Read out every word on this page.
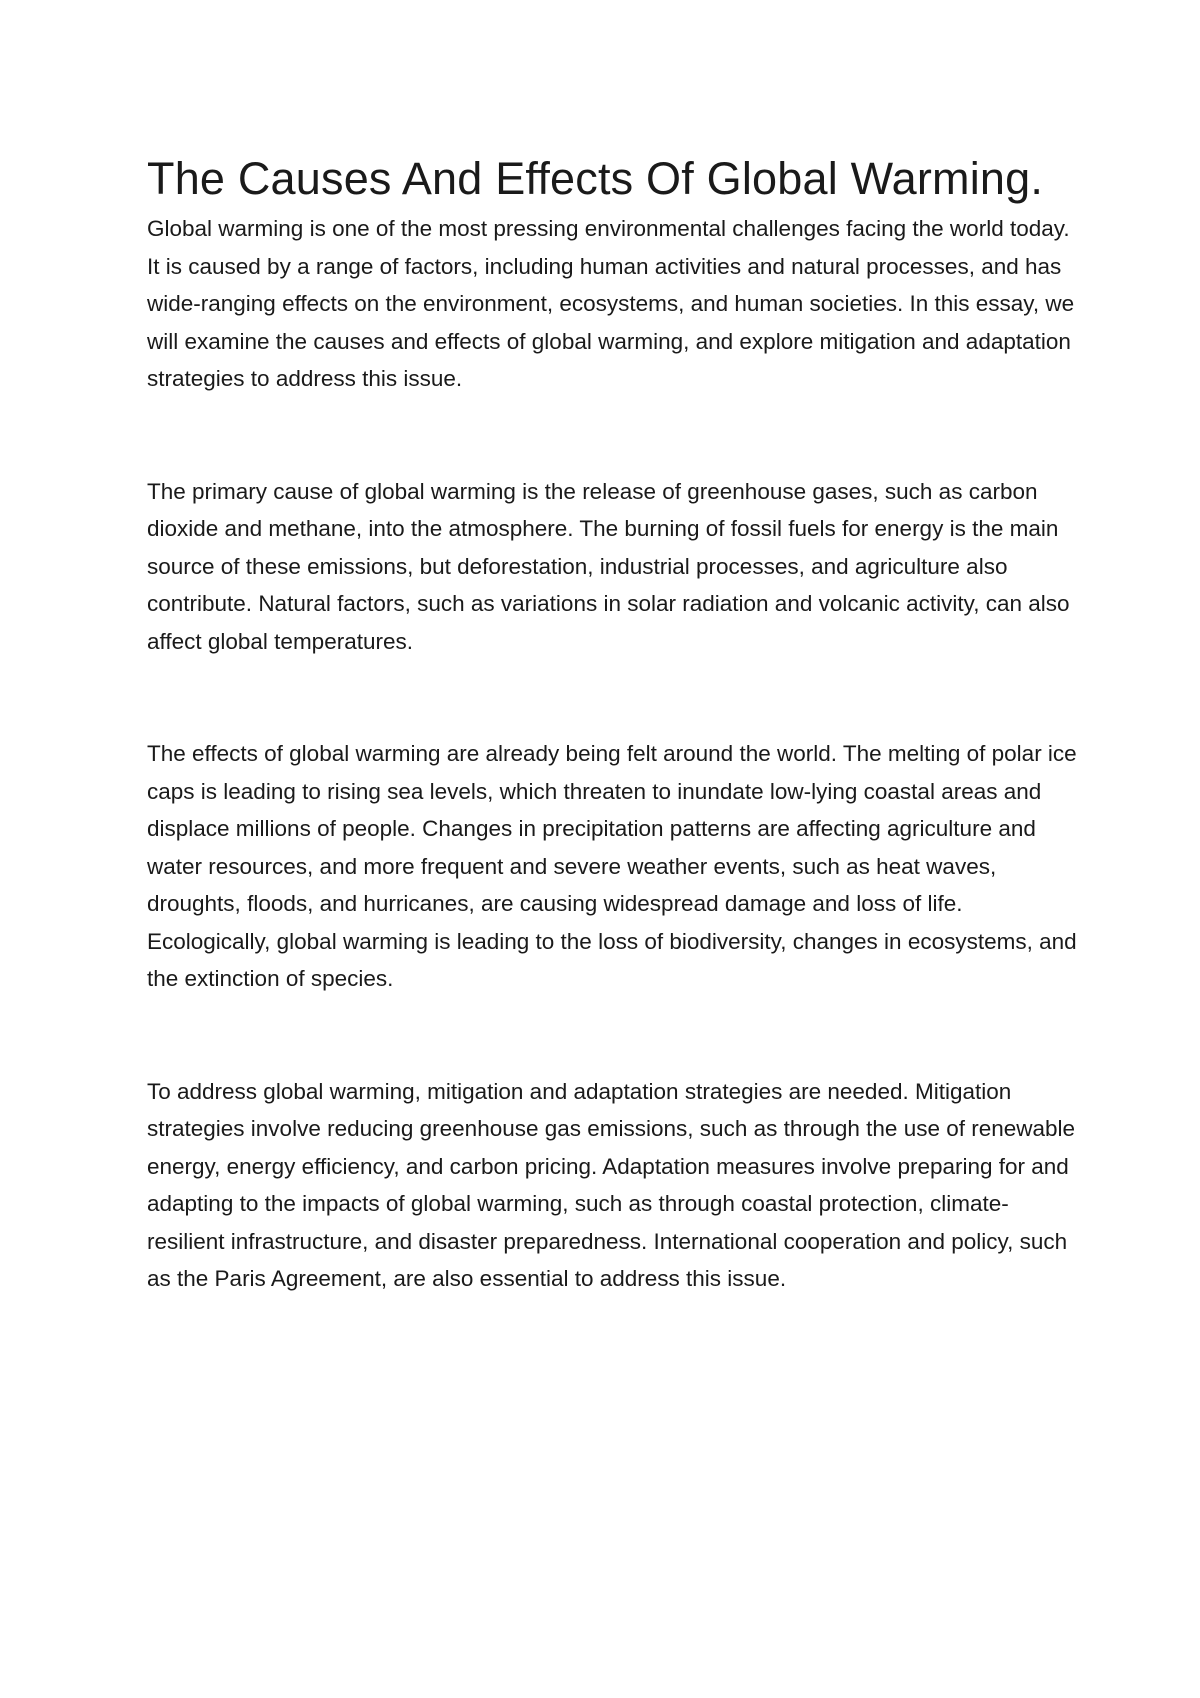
The Causes And Effects Of Global Warming.

Global warming is one of the most pressing environmental challenges facing the world today. It is caused by a range of factors, including human activities and natural processes, and has wide-ranging effects on the environment, ecosystems, and human societies. In this essay, we will examine the causes and effects of global warming, and explore mitigation and adaptation strategies to address this issue.

The primary cause of global warming is the release of greenhouse gases, such as carbon dioxide and methane, into the atmosphere. The burning of fossil fuels for energy is the main source of these emissions, but deforestation, industrial processes, and agriculture also contribute. Natural factors, such as variations in solar radiation and volcanic activity, can also affect global temperatures.

The effects of global warming are already being felt around the world. The melting of polar ice caps is leading to rising sea levels, which threaten to inundate low-lying coastal areas and displace millions of people. Changes in precipitation patterns are affecting agriculture and water resources, and more frequent and severe weather events, such as heat waves, droughts, floods, and hurricanes, are causing widespread damage and loss of life. Ecologically, global warming is leading to the loss of biodiversity, changes in ecosystems, and the extinction of species.

To address global warming, mitigation and adaptation strategies are needed. Mitigation strategies involve reducing greenhouse gas emissions, such as through the use of renewable energy, energy efficiency, and carbon pricing. Adaptation measures involve preparing for and adapting to the impacts of global warming, such as through coastal protection, climate-resilient infrastructure, and disaster preparedness. International cooperation and policy, such as the Paris Agreement, are also essential to address this issue.
